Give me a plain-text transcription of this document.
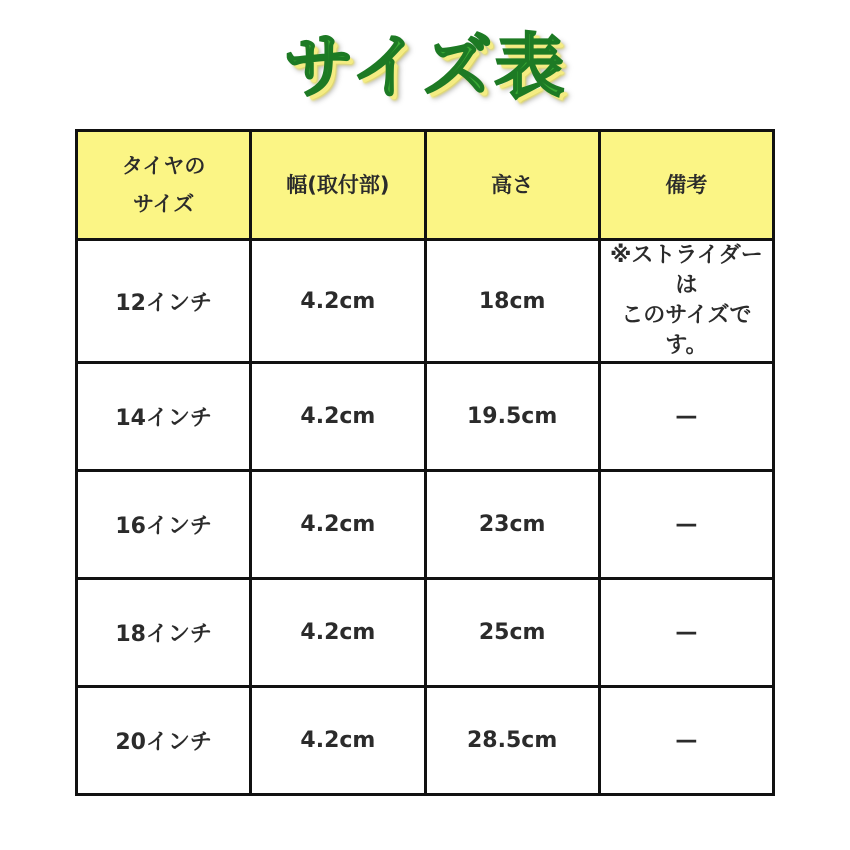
サイズ表
タイヤの
サイズ	幅(取付部)	高さ	備考
12インチ	4.2cm	18cm	※ストライダーは
このサイズです。
14インチ	4.2cm	19.5cm	—
16インチ	4.2cm	23cm	—
18インチ	4.2cm	25cm	—
20インチ	4.2cm	28.5cm	—
